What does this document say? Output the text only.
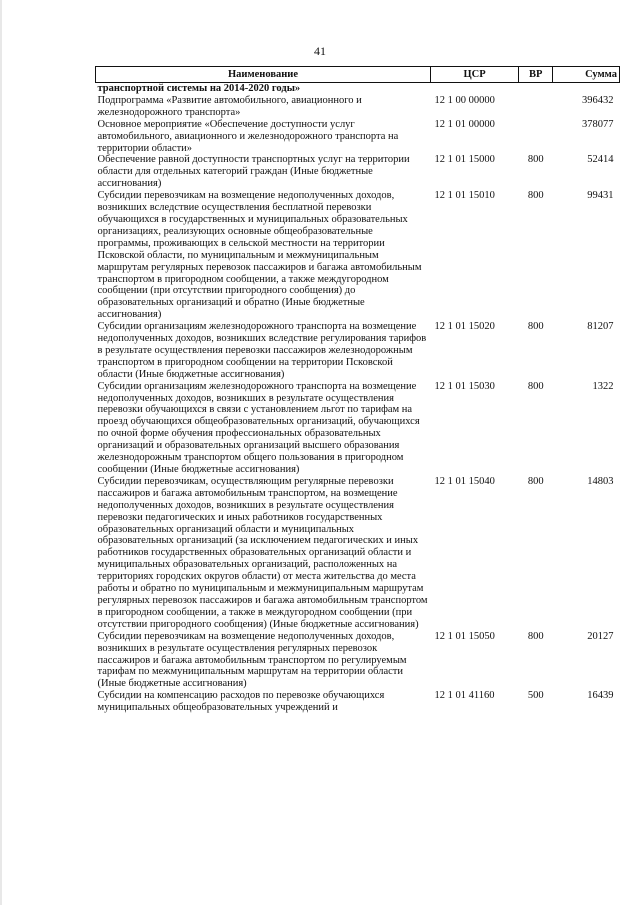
41
Наименование	ЦСР	ВР	Сумма
транспортной системы на 2014-2020 годы»			
Подпрограмма «Развитие автомобильного, авиационного и железнодорожного транспорта»	12 1 00 00000		396432
Основное мероприятие «Обеспечение доступности услуг автомобильного, авиационного и железнодорожного транспорта на территории области»	12 1 01 00000		378077
Обеспечение равной доступности транспортных услуг на территории области для отдельных категорий граждан (Иные бюджетные ассигнования)	12 1 01 15000	800	52414
Субсидии перевозчикам на возмещение недополученных доходов, возникших вследствие осуществления бесплатной перевозки обучающихся в государственных и муниципальных образовательных организациях, реализующих основные общеобразовательные программы, проживающих в сельской местности на территории Псковской области, по муниципальным и межмуниципальным маршрутам регулярных перевозок пассажиров и багажа автомобильным транспортом в пригородном сообщении, а также междугородном сообщении (при отсутствии пригородного сообщения) до образовательных организаций и обратно (Иные бюджетные ассигнования)	12 1 01 15010	800	99431
Субсидии организациям железнодорожного транспорта на возмещение недополученных доходов, возникших вследствие регулирования тарифов в результате осуществления перевозки пассажиров железнодорожным транспортом в пригородном сообщении на территории Псковской области (Иные бюджетные ассигнования)	12 1 01 15020	800	81207
Субсидии организациям железнодорожного транспорта на возмещение недополученных доходов, возникших в результате осуществления перевозки обучающихся в связи с установлением льгот по тарифам на проезд обучающихся общеобразовательных организаций, обучающихся по очной форме обучения профессиональных образовательных организаций и образовательных организаций высшего образования железнодорожным транспортом общего пользования в пригородном сообщении (Иные бюджетные ассигнования)	12 1 01 15030	800	1322
Субсидии перевозчикам, осуществляющим регулярные перевозки пассажиров и багажа автомобильным транспортом, на возмещение недополученных доходов, возникших в результате осуществления перевозки педагогических и иных работников государственных образовательных организаций области и муниципальных образовательных организаций (за исключением педагогических и иных работников государственных образовательных организаций области и муниципальных образовательных организаций, расположенных на территориях городских округов области) от места жительства до места работы и обратно по муниципальным и межмуниципальным маршрутам регулярных перевозок пассажиров и багажа автомобильным транспортом в пригородном сообщении, а также в междугородном сообщении (при отсутствии пригородного сообщения) (Иные бюджетные ассигнования)	12 1 01 15040	800	14803
Субсидии перевозчикам на возмещение недополученных доходов, возникших в результате осуществления регулярных перевозок пассажиров и багажа автомобильным транспортом по регулируемым тарифам по межмуниципальным маршрутам на территории области (Иные бюджетные ассигнования)	12 1 01 15050	800	20127
Субсидии на компенсацию расходов по перевозке обучающихся муниципальных общеобразовательных учреждений и	12 1 01 41160	500	16439
